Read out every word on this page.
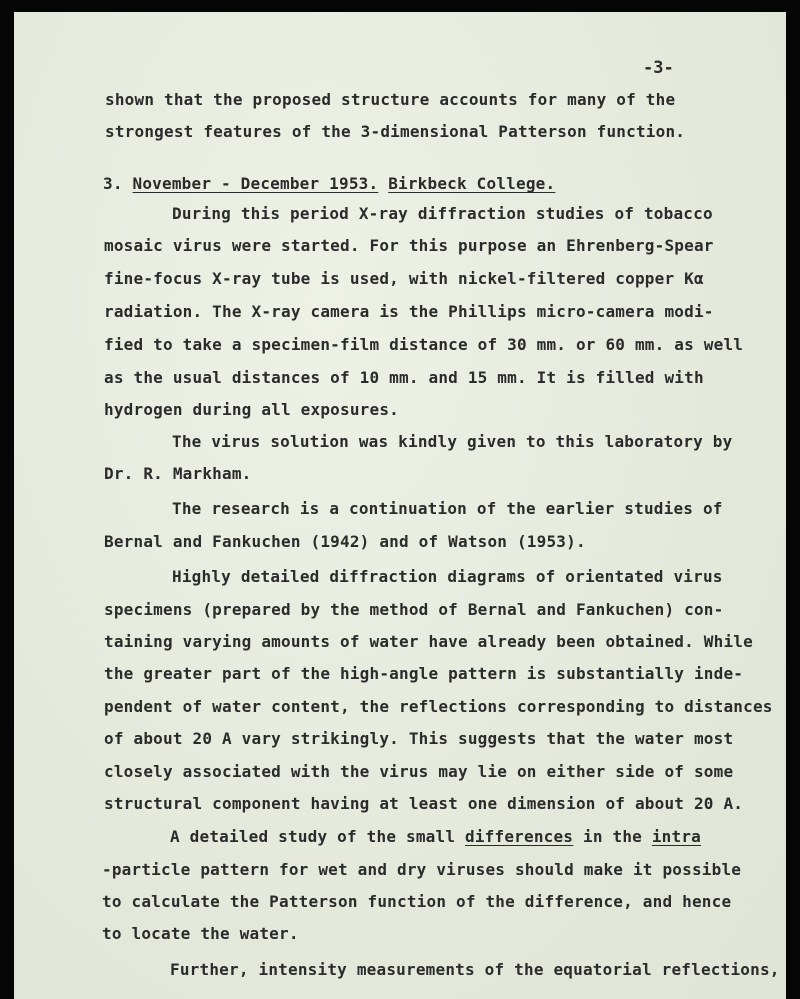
-3-
shown that the proposed structure accounts for many of the
strongest features of the 3-dimensional Patterson function.
3. November - December 1953. Birkbeck College.
During this period X-ray diffraction studies of tobacco
mosaic virus were started. For this purpose an Ehrenberg-Spear
fine-focus X-ray tube is used, with nickel-filtered copper Kα
radiation. The X-ray camera is the Phillips micro-camera modi-
fied to take a specimen-film distance of 30 mm. or 60 mm. as well
as the usual distances of 10 mm. and 15 mm. It is filled with
hydrogen during all exposures.
The virus solution was kindly given to this laboratory by
Dr. R. Markham.
The research is a continuation of the earlier studies of
Bernal and Fankuchen (1942) and of Watson (1953).
Highly detailed diffraction diagrams of orientated virus
specimens (prepared by the method of Bernal and Fankuchen) con-
taining varying amounts of water have already been obtained. While
the greater part of the high-angle pattern is substantially inde-
pendent of water content, the reflections corresponding to distances
of about 20 A vary strikingly. This suggests that the water most
closely associated with the virus may lie on either side of some
structural component having at least one dimension of about 20 A.
A detailed study of the small differences in the intra
-particle pattern for wet and dry viruses should make it possible
to calculate the Patterson function of the difference, and hence
to locate the water.
Further, intensity measurements of the equatorial reflections,
